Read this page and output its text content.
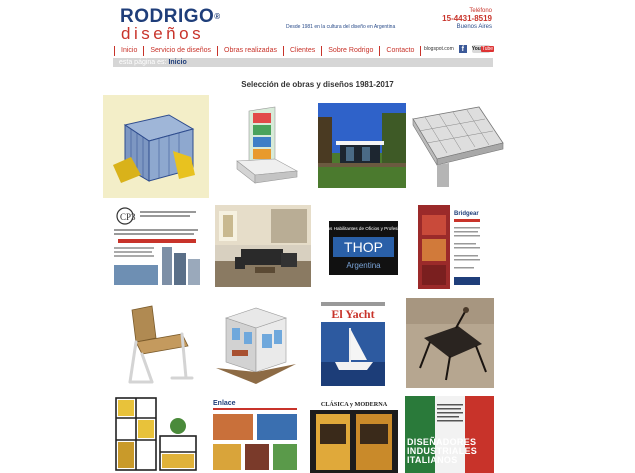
RODRIGO®
diseños	Desde 1981 en la cultura del diseño en Argentina
Teléfono
15-4431-8519
Buenos Aires
Inicio	Servicio de diseños	Obras realizadas	Clientes	Sobre Rodrigo	Contacto	blogspot.com	f	YouTube
esta página es: Inicio
Selección de obras y diseños 1981-2017
CP3
Títulos Habilitantes de Oficios y Profesiones
THOP
Argentina
Bridgear
El Yacht
Enlace	CLÁSICA y MODERNA
DISEÑADORES INDUSTRIALES ITALIANOS
